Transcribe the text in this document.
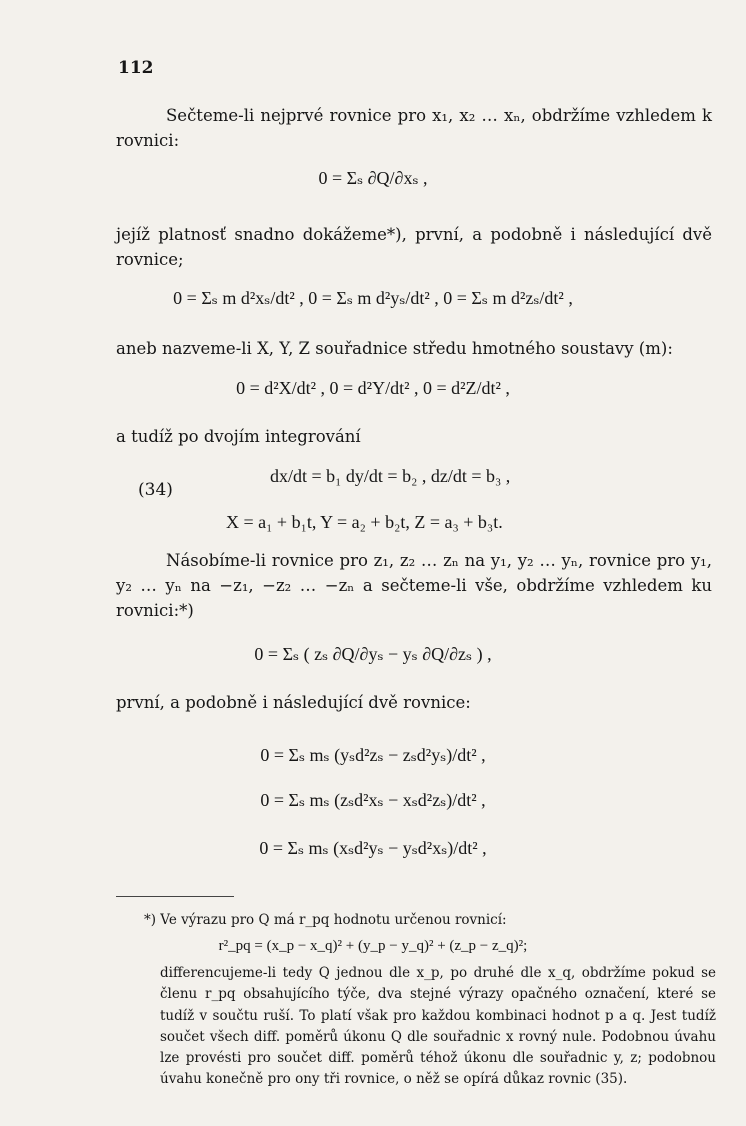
112
Sečteme-li nejprvé rovnice pro x₁, x₂ … xₙ, obdržíme vzhledem k rovnici:
0 = Σₛ ∂Q/∂xₛ ,
jejíž platnosť snadno dokážeme*), první, a podobně i následující dvě rovnice;
0 = Σₛ m d²xₛ/dt² , 0 = Σₛ m d²yₛ/dt² , 0 = Σₛ m d²zₛ/dt² ,
aneb nazveme-li X, Y, Z souřadnice středu hmotného soustavy (m):
0 = d²X/dt² , 0 = d²Y/dt² , 0 = d²Z/dt² ,
a tudíž po dvojím integrování
(34)
dx/dt = b₁ dy/dt = b₂ , dz/dt = b₃ ,
X = a₁ + b₁t, Y = a₂ + b₂t, Z = a₃ + b₃t.
Násobíme-li rovnice pro z₁, z₂ … zₙ na y₁, y₂ … yₙ, rovnice pro y₁, y₂ … yₙ na −z₁, −z₂ … −zₙ a sečteme-li vše, obdržíme vzhledem ku rovnici:*)
0 = Σₛ ( zₛ ∂Q/∂yₛ − yₛ ∂Q/∂zₛ ) ,
první, a podobně i následující dvě rovnice:
0 = Σₛ mₛ (yₛd²zₛ − zₛd²yₛ)/dt² ,
0 = Σₛ mₛ (zₛd²xₛ − xₛd²zₛ)/dt² ,
0 = Σₛ mₛ (xₛd²yₛ − yₛd²xₛ)/dt² ,
*) Ve výrazu pro Q má r_pq hodnotu určenou rovnicí:
r²_pq = (x_p − x_q)² + (y_p − y_q)² + (z_p − z_q)²;
differencujeme-li tedy Q jednou dle x_p, po druhé dle x_q, obdržíme pokud se členu r_pq obsahujícího týče, dva stejné výrazy opačného označení, které se tudíž v součtu ruší. To platí však pro každou kombinaci hodnot p a q. Jest tudíž součet všech diff. poměrů úkonu Q dle souřadnic x rovný nule. Podobnou úvahu lze provésti pro součet diff. poměrů téhož úkonu dle souřadnic y, z; podobnou úvahu konečně pro ony tři rovnice, o něž se opírá důkaz rovnic (35).
